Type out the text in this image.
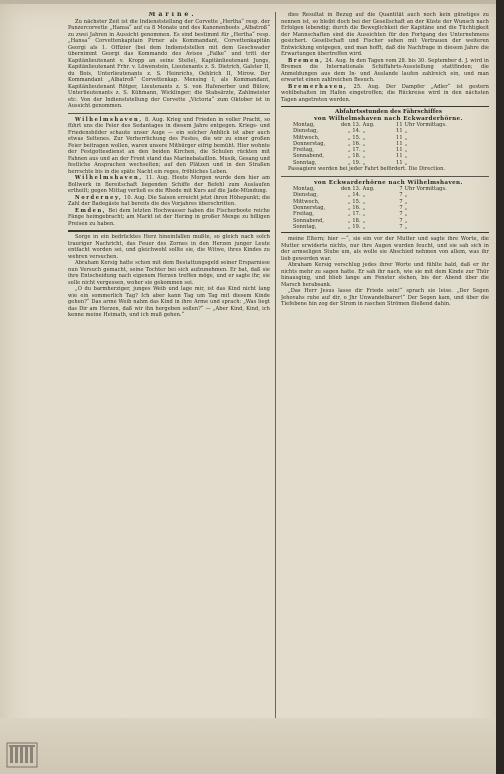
Marine.

Zu nächster Zeit ist die Indienststellung der Corvette „Hertha“ resp. der Panzercorvette „Hansa“ auf ca 8 Monate und des Kanonenboots „Albatroß“ zu zwei Jahren in Aussicht genommen. Es sind bestimmt für „Hertha“ resp. „Hansa“ Corvettenkapitain Pirner als Kommandant, Corvettenkapitän Georgi als 1. Offizier (bei dem Indienststellen mit dem Geschwader übernimmt Georgi das Kommando des Avisos „Falke“ und tritt der Kapitänlieutenant v. Kropp an seine Stelle), Kapitänlieutenant Jungs, Kapitänlieutenant Frhr. v. Löwenstein, Lieutenants z. S. Dietrich, Galster II, du Bois, Unterlieutenants z. S. Heinrichs, Oehlrich II, Mirow. Der Kommandant „Albatroß“ Corvettenkap. Mensing I, als Kommandant, Kapitänlieutenant Rötger, Lieutenants z. S. von Hafenerber und Bülow, Unterlieutenants z. S. Kühmann, Wicklinger; die Stabsärzte, Zahlmeister etc. Von der Indienststellung der Corvette „Victoria“ zum Oktober ist in Aussicht genommen.

Wilhelmshaven, 8. Aug. Krieg und Frieden in voller Pracht, so führt uns die Feier des Sedantages in diesem Jahre entgegen. Kriegs- und Friedensbilder schaute unser Auge — ein solcher Anblick ist aber auch etwas Seltenes. Zur Verherrlichung des Festes, die wir zu einer großen Feier beitragen wollen, waren unsere Mitbürger eifrig bemüht. Hier wohnte der Festgottesdienst an den beiden Kirchen, die Schulen rückten mit Fahnen aus und an der Front stand das Marinebataillon. Musik, Gesang und festliche Ansprachen wechselten; auf den Plätzen und in den Straßen herrschte bis in die späte Nacht ein reges, fröhliches Leben.

Wilhelmshaven, 11. Aug. Heute Morgen wurde dem hier am Bollwerk in Bereitschaft liegenden Schiffe der Befehl zum Auslaufen ertheilt; gegen Mittag verließ es die Rhede mit Kurs auf die Jade-Mündung.

Norderney, 10. Aug. Die Saison erreicht jetzt ihren Höhepunkt; die Zahl der Badegäste hat bereits die des Vorjahres überschritten.

Emden, Bei dem letzten Hochwasser haben die Fischerboote reiche Fänge heimgebracht; am Markt ist der Hering in großer Menge zu billigen Preisen zu haben.

Sorge in ein bedrücktes Herz hineinfallen mußte, so gleich nach solch trauriger Nachricht, das Feuer des Zornes in den Herzen junger Leute entfacht worden sei, und gleichwohl sollte sie, die Witwe, ihres Kindes zu wehren versuchen.

Abraham Kersig hatte schon mit dem Bestattungsgeld seiner Ersparnisse nun Versuch gemacht, seine Tochter bei sich aufzunehmen. Er bat, daß sie ihre Entscheidung nach eigenem Herzen treffen möge, und er sagte ihr, sie solle nicht vergessen, woher sie gekommen sei.

„O du barmherziger, junges Weib und lage mir, ist das Kind nicht lang wie ein sommerlich Tag? Ich aber kann Tag um Tag mit diesem Kinde gehen?“ Das arme Weib nahm das Kind in ihre Arme und sprach: „Was liegt das Dir am Herzen, daß wir ihn hergeben sollen?“ — „Aber Kind, Kind, ich kenne meine Heimath, und ich muß gehen.“

dies Resultat in Bezug auf die Quantität auch noch kein günstiges zu nennen ist, so bleibt doch bei der Gesellschaft an der Küste der Wunsch nach Erfolgen lebendig; durch die Beweglichkeit der Kapitäne und die Tüchtigkeit der Mannschaften sind die Aussichten für den Fortgang des Unternehmens gesichert. Gesellschaft und Fischer sehen mit Vertrauen der weiteren Entwicklung entgegen, und man hofft, daß die Nachfrage in diesem Jahre die Erwartungen übertreffen wird.

Bremen, 24. Aug. In den Tagen vom 28. bis 30. September d. J. wird in Bremen die Internationale Schiffahrts-Ausstellung stattfinden; die Anmeldungen aus dem In- und Auslande laufen zahlreich ein, und man erwartet einen zahlreichen Besuch.

Bremerhaven, 25. Aug. Der Dampfer „Adler“ ist gestern wohlbehalten im Hafen eingetroffen; die Rückreise wird in den nächsten Tagen angetreten werden.

Abfahrtsstunden des Fährschiffes

von Wilhelmshaven nach Eckwarderhörne.

Montag,	den 13.	Aug.	11	Uhr Vormittags.
Dienstag,	„ 14.	„	11	„
Mittwoch,	„ 15.	„	11	„
Donnerstag,	„ 16.	„	11	„
Freitag,	„ 17.	„	11	„
Sonnabend,	„ 18.	„	11	„
Sonntag,	„ 19.	„	11	„

Passagiere werden bei jeder Fahrt befördert. Die Direction.

von Eckwarderhörne nach Wilhelmshaven.

Montag,	den 13.	Aug.	7	Uhr Vormittags.
Dienstag,	„ 14.	„	7	„
Mittwoch,	„ 15.	„	7	„
Donnerstag,	„ 16.	„	7	„
Freitag,	„ 17.	„	7	„
Sonnabend,	„ 18.	„	7	„
Sonntag,	„ 19.	„	7	„

meine Eltern; hier —“, sie ein vor der Mutter und sagte ihre Worte, die Mutter erwiderte nichts, nur ihre Augen wurden feucht, und sie sah sich in der armseligen Stube um, als wolle sie Abschied nehmen von allem, was ihr lieb geworden war.

Abraham Kersig verschlug jedes ihrer Worte und fühlte bald, daß er ihr nichts mehr zu sagen hatte. Er sah ihr nach, wie sie mit dem Kinde zur Thür hinausging, und blieb lange am Fenster stehen, bis der Abend über die Marsch herabsank.

„Das Herr Jesus lasse dir Friede sein!“ sprach sie leise. „Der Segen Jehovahs ruhe auf dir, o Jhr Unwandelbarer!“ Der Segen kam, und über die Tiefebene hin zog der Strom in raschen Strömen fließend dahin.
